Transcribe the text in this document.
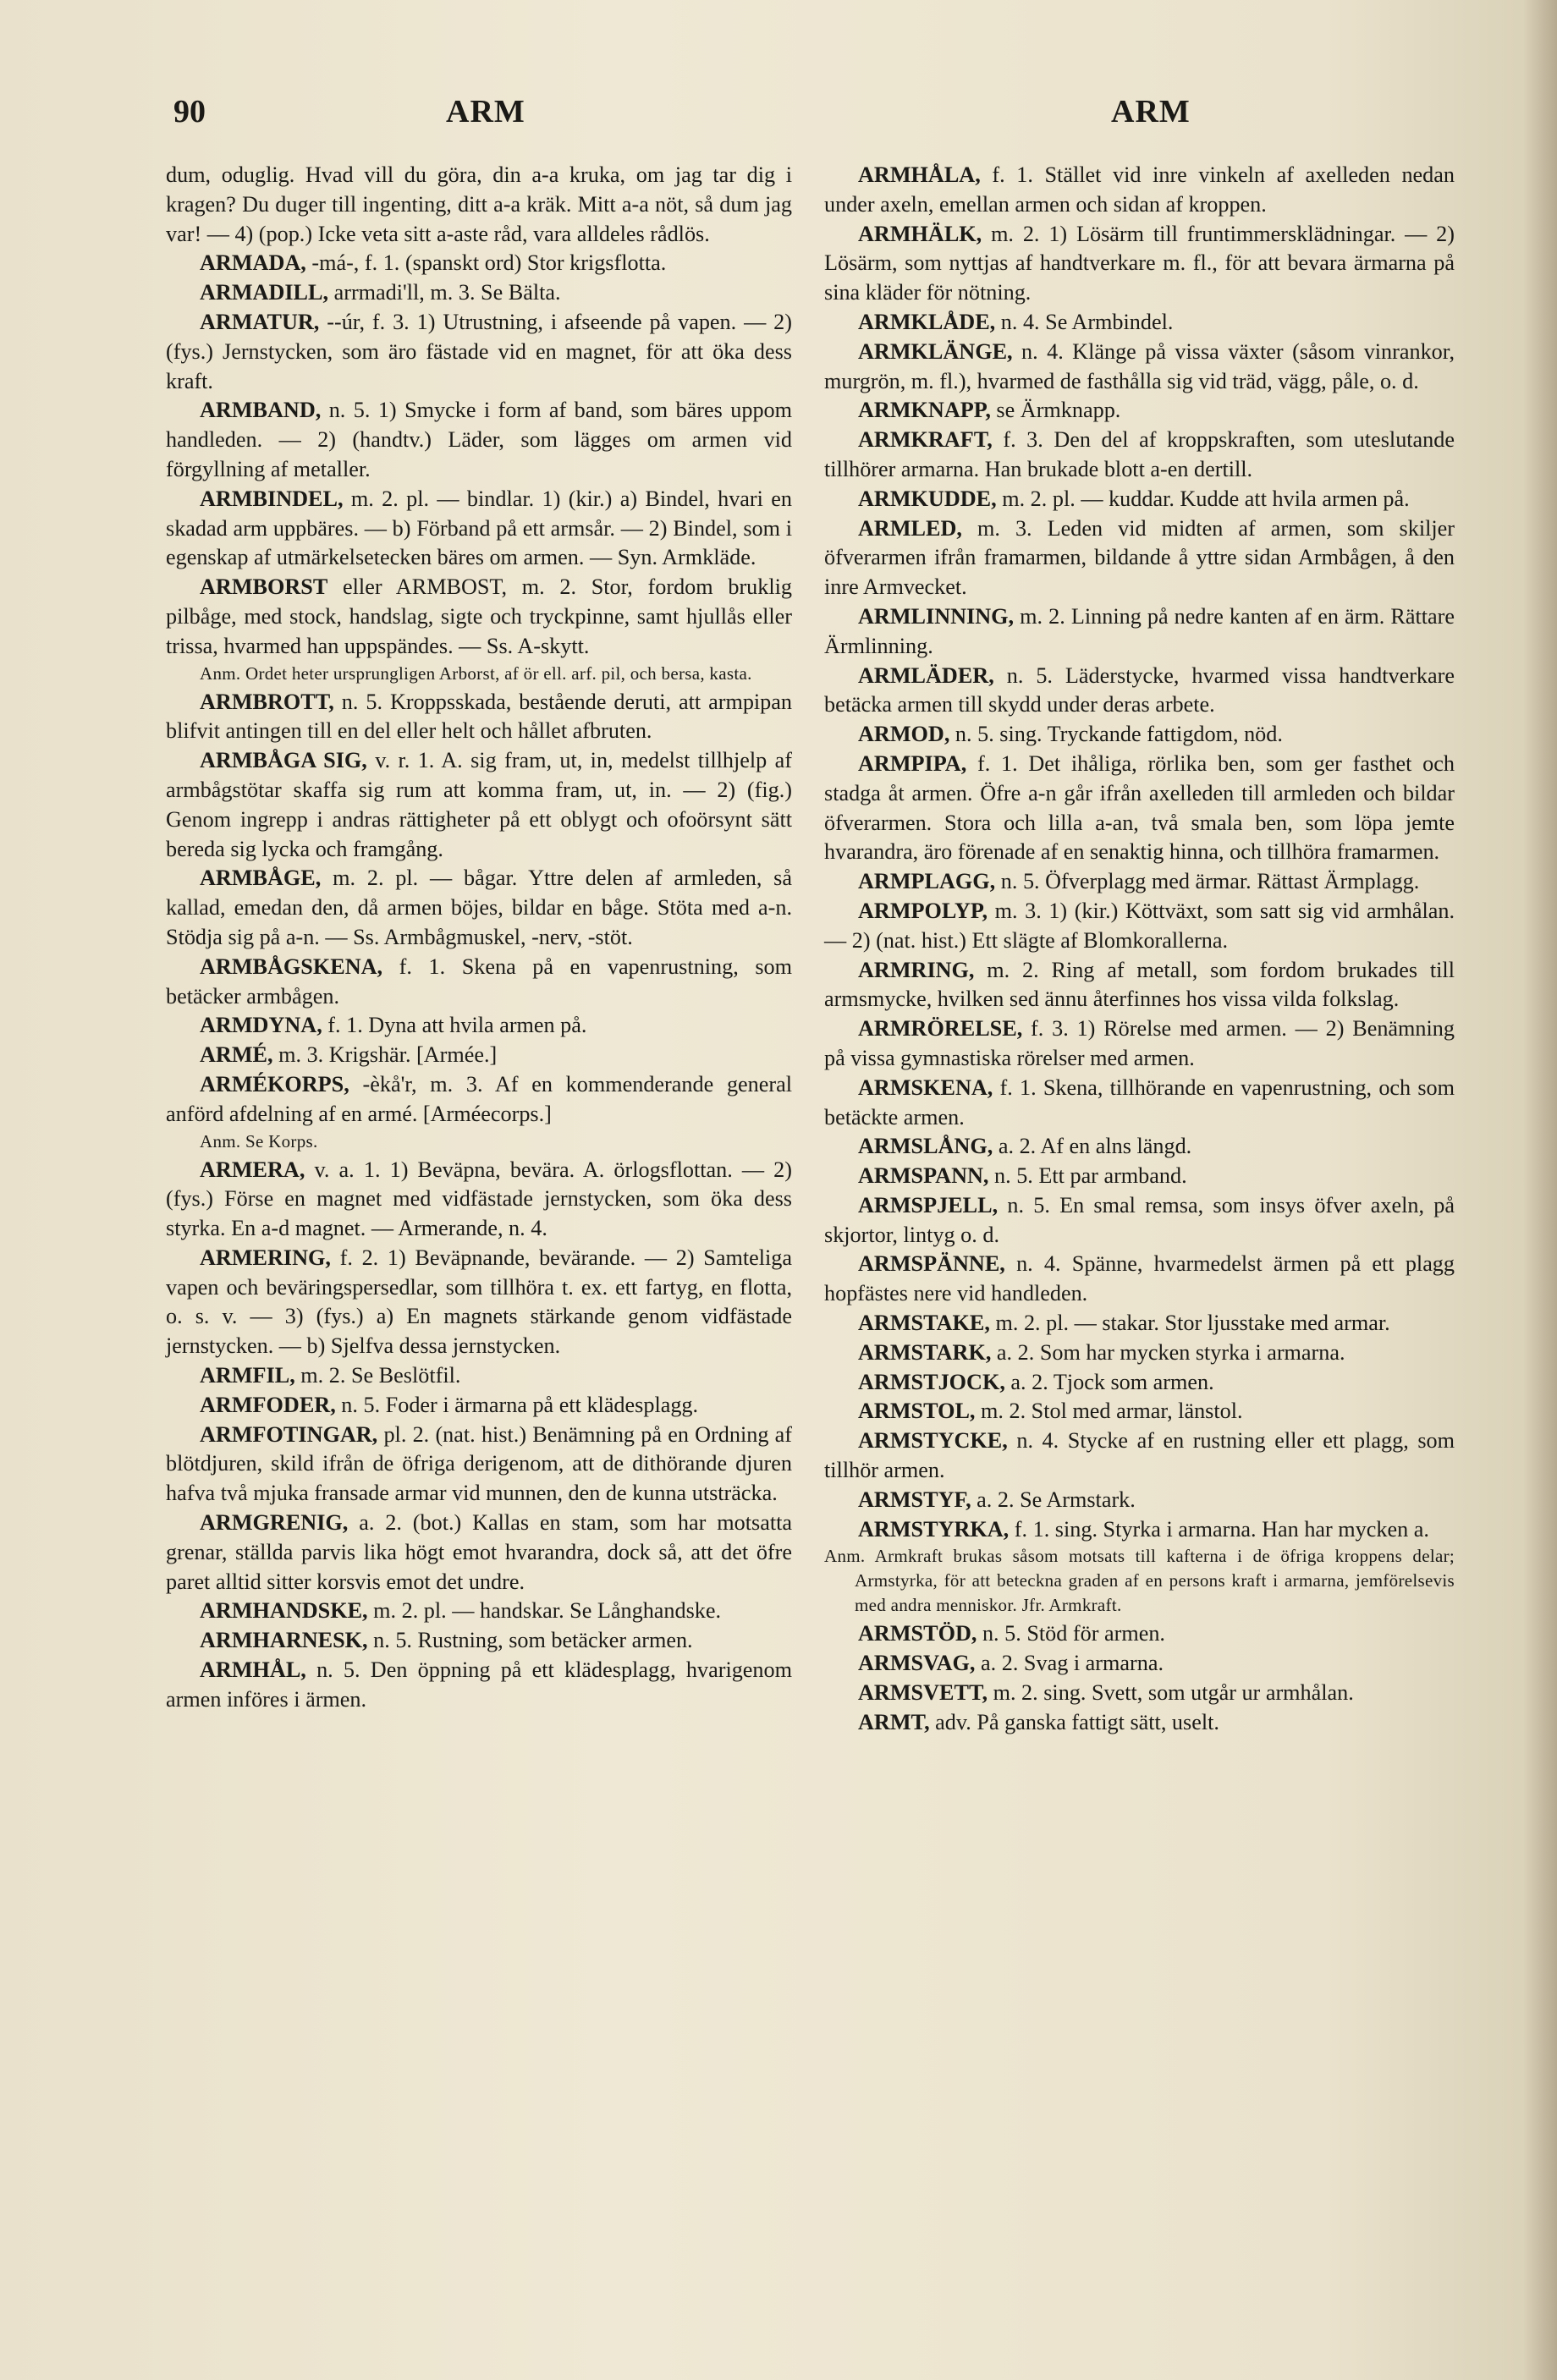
90	ARM	ARM

dum, oduglig. Hvad vill du göra, din a-a kruka, om jag tar dig i kragen? Du duger till ingenting, ditt a-a kräk. Mitt a-a nöt, så dum jag var! — 4) (pop.) Icke veta sitt a-aste råd, vara alldeles rådlös.

ARMADA, -má-, f. 1. (spanskt ord) Stor krigsflotta.

ARMADILL, arrmadi'll, m. 3. Se Bälta.

ARMATUR, --úr, f. 3. 1) Utrustning, i afseende på vapen. — 2) (fys.) Jernstycken, som äro fästade vid en magnet, för att öka dess kraft.

ARMBAND, n. 5. 1) Smycke i form af band, som bäres uppom handleden. — 2) (handtv.) Läder, som lägges om armen vid förgyllning af metaller.

ARMBINDEL, m. 2. pl. — bindlar. 1) (kir.) a) Bindel, hvari en skadad arm uppbäres. — b) Förband på ett armsår. — 2) Bindel, som i egenskap af utmärkelsetecken bäres om armen. — Syn. Armkläde.

ARMBORST eller ARMBOST, m. 2. Stor, fordom bruklig pilbåge, med stock, handslag, sigte och tryckpinne, samt hjullås eller trissa, hvarmed han uppspändes. — Ss. A-skytt.

Anm. Ordet heter ursprungligen Arborst, af ör ell. arf. pil, och bersa, kasta.

ARMBROTT, n. 5. Kroppsskada, bestående deruti, att armpipan blifvit antingen till en del eller helt och hållet afbruten.

ARMBÅGA SIG, v. r. 1. A. sig fram, ut, in, medelst tillhjelp af armbågstötar skaffa sig rum att komma fram, ut, in. — 2) (fig.) Genom ingrepp i andras rättigheter på ett oblygt och ofoörsynt sätt bereda sig lycka och framgång.

ARMBÅGE, m. 2. pl. — bågar. Yttre delen af armleden, så kallad, emedan den, då armen böjes, bildar en båge. Stöta med a-n. Stödja sig på a-n. — Ss. Armbågmuskel, -nerv, -stöt.

ARMBÅGSKENA, f. 1. Skena på en vapenrustning, som betäcker armbågen.

ARMDYNA, f. 1. Dyna att hvila armen på.

ARMÉ, m. 3. Krigshär. [Armée.]

ARMÉKORPS, -èkå'r, m. 3. Af en kommenderande general anförd afdelning af en armé. [Arméecorps.]

Anm. Se Korps.

ARMERA, v. a. 1. 1) Beväpna, bevära. A. örlogsflottan. — 2) (fys.) Förse en magnet med vidfästade jernstycken, som öka dess styrka. En a-d magnet. — Armerande, n. 4.

ARMERING, f. 2. 1) Beväpnande, bevärande. — 2) Samteliga vapen och beväringspersedlar, som tillhöra t. ex. ett fartyg, en flotta, o. s. v. — 3) (fys.) a) En magnets stärkande genom vidfästade jernstycken. — b) Sjelfva dessa jernstycken.

ARMFIL, m. 2. Se Beslötfil.

ARMFODER, n. 5. Foder i ärmarna på ett klädesplagg.

ARMFOTINGAR, pl. 2. (nat. hist.) Benämning på en Ordning af blötdjuren, skild ifrån de öfriga derigenom, att de dithörande djuren hafva två mjuka fransade armar vid munnen, den de kunna utsträcka.

ARMGRENIG, a. 2. (bot.) Kallas en stam, som har motsatta grenar, ställda parvis lika högt emot hvarandra, dock så, att det öfre paret alltid sitter korsvis emot det undre.

ARMHANDSKE, m. 2. pl. — handskar. Se Långhandske.

ARMHARNESK, n. 5. Rustning, som betäcker armen.

ARMHÅL, n. 5. Den öppning på ett klädesplagg, hvarigenom armen införes i ärmen.

ARMHÅLA, f. 1. Stället vid inre vinkeln af axelleden nedan under axeln, emellan armen och sidan af kroppen.

ARMHÄLK, m. 2. 1) Lösärm till fruntimmersklädningar. — 2) Lösärm, som nyttjas af handtverkare m. fl., för att bevara ärmarna på sina kläder för nötning.

ARMKLÅDE, n. 4. Se Armbindel.

ARMKLÄNGE, n. 4. Klänge på vissa växter (såsom vinrankor, murgrön, m. fl.), hvarmed de fasthålla sig vid träd, vägg, påle, o. d.

ARMKNAPP, se Ärmknapp.

ARMKRAFT, f. 3. Den del af kroppskraften, som uteslutande tillhörer armarna. Han brukade blott a-en dertill.

ARMKUDDE, m. 2. pl. — kuddar. Kudde att hvila armen på.

ARMLED, m. 3. Leden vid midten af armen, som skiljer öfverarmen ifrån framarmen, bildande å yttre sidan Armbågen, å den inre Armvecket.

ARMLINNING, m. 2. Linning på nedre kanten af en ärm. Rättare Ärmlinning.

ARMLÄDER, n. 5. Läderstycke, hvarmed vissa handtverkare betäcka armen till skydd under deras arbete.

ARMOD, n. 5. sing. Tryckande fattigdom, nöd.

ARMPIPA, f. 1. Det ihåliga, rörlika ben, som ger fasthet och stadga åt armen. Öfre a-n går ifrån axelleden till armleden och bildar öfverarmen. Stora och lilla a-an, två smala ben, som löpa jemte hvarandra, äro förenade af en senaktig hinna, och tillhöra framarmen.

ARMPLAGG, n. 5. Öfverplagg med ärmar. Rättast Ärmplagg.

ARMPOLYP, m. 3. 1) (kir.) Köttväxt, som satt sig vid armhålan. — 2) (nat. hist.) Ett slägte af Blomkorallerna.

ARMRING, m. 2. Ring af metall, som fordom brukades till armsmycke, hvilken sed ännu återfinnes hos vissa vilda folkslag.

ARMRÖRELSE, f. 3. 1) Rörelse med armen. — 2) Benämning på vissa gymnastiska rörelser med armen.

ARMSKENA, f. 1. Skena, tillhörande en vapenrustning, och som betäckte armen.

ARMSLÅNG, a. 2. Af en alns längd.

ARMSPANN, n. 5. Ett par armband.

ARMSPJELL, n. 5. En smal remsa, som insys öfver axeln, på skjortor, lintyg o. d.

ARMSPÄNNE, n. 4. Spänne, hvarmedelst ärmen på ett plagg hopfästes nere vid handleden.

ARMSTAKE, m. 2. pl. — stakar. Stor ljusstake med armar.

ARMSTARK, a. 2. Som har mycken styrka i armarna.

ARMSTJOCK, a. 2. Tjock som armen.

ARMSTOL, m. 2. Stol med armar, länstol.

ARMSTYCKE, n. 4. Stycke af en rustning eller ett plagg, som tillhör armen.

ARMSTYF, a. 2. Se Armstark.

ARMSTYRKA, f. 1. sing. Styrka i armarna. Han har mycken a.

Anm. Armkraft brukas såsom motsats till kafterna i de öfriga kroppens delar; Armstyrka, för att beteckna graden af en persons kraft i armarna, jemförelsevis med andra menniskor. Jfr. Armkraft.

ARMSTÖD, n. 5. Stöd för armen.

ARMSVAG, a. 2. Svag i armarna.

ARMSVETT, m. 2. sing. Svett, som utgår ur armhålan.

ARMT, adv. På ganska fattigt sätt, uselt.
